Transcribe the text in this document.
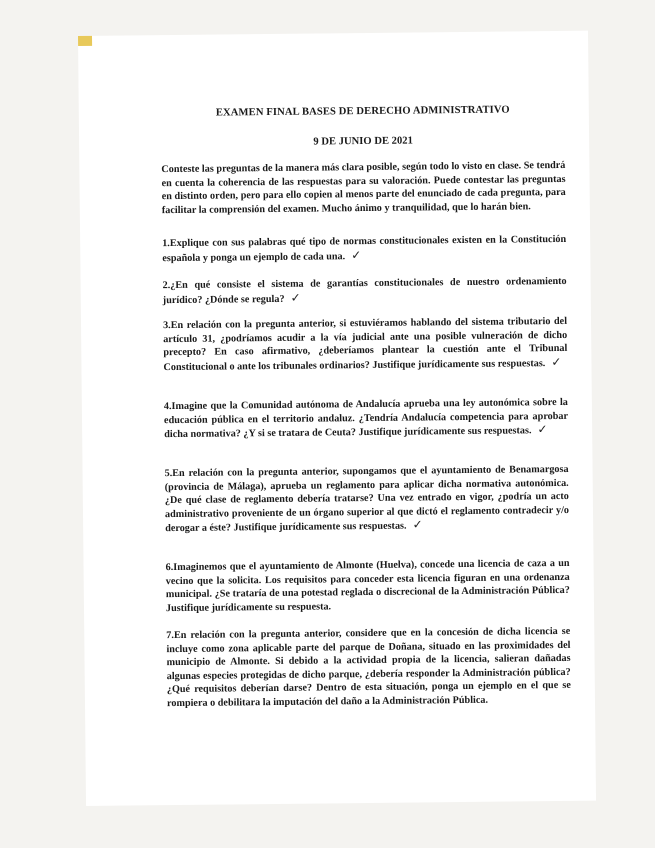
EXAMEN FINAL BASES DE DERECHO ADMINISTRATIVO
9 DE JUNIO DE 2021

Conteste las preguntas de la manera más clara posible, según todo lo visto en clase. Se tendrá en cuenta la coherencia de las respuestas para su valoración. Puede contestar las preguntas en distinto orden, pero para ello copien al menos parte del enunciado de cada pregunta, para facilitar la comprensión del examen. Mucho ánimo y tranquilidad, que lo harán bien.

1.Explique con sus palabras qué tipo de normas constitucionales existen en la Constitución española y ponga un ejemplo de cada una. ✓

2.¿En qué consiste el sistema de garantías constitucionales de nuestro ordenamiento jurídico? ¿Dónde se regula? ✓

3.En relación con la pregunta anterior, si estuviéramos hablando del sistema tributario del artículo 31, ¿podríamos acudir a la vía judicial ante una posible vulneración de dicho precepto? En caso afirmativo, ¿deberíamos plantear la cuestión ante el Tribunal Constitucional o ante los tribunales ordinarios? Justifique jurídicamente sus respuestas. ✓

4.Imagine que la Comunidad autónoma de Andalucía aprueba una ley autonómica sobre la educación pública en el territorio andaluz. ¿Tendría Andalucía competencia para aprobar dicha normativa? ¿Y si se tratara de Ceuta? Justifique jurídicamente sus respuestas. ✓

5.En relación con la pregunta anterior, supongamos que el ayuntamiento de Benamargosa (provincia de Málaga), aprueba un reglamento para aplicar dicha normativa autonómica. ¿De qué clase de reglamento debería tratarse? Una vez entrado en vigor, ¿podría un acto administrativo proveniente de un órgano superior al que dictó el reglamento contradecir y/o derogar a éste? Justifique jurídicamente sus respuestas. ✓

6.Imaginemos que el ayuntamiento de Almonte (Huelva), concede una licencia de caza a un vecino que la solicita. Los requisitos para conceder esta licencia figuran en una ordenanza municipal. ¿Se trataría de una potestad reglada o discrecional de la Administración Pública? Justifique jurídicamente su respuesta.

7.En relación con la pregunta anterior, considere que en la concesión de dicha licencia se incluye como zona aplicable parte del parque de Doñana, situado en las proximidades del municipio de Almonte. Si debido a la actividad propia de la licencia, salieran dañadas algunas especies protegidas de dicho parque, ¿debería responder la Administración pública? ¿Qué requisitos deberían darse? Dentro de esta situación, ponga un ejemplo en el que se rompiera o debilitara la imputación del daño a la Administración Pública.
